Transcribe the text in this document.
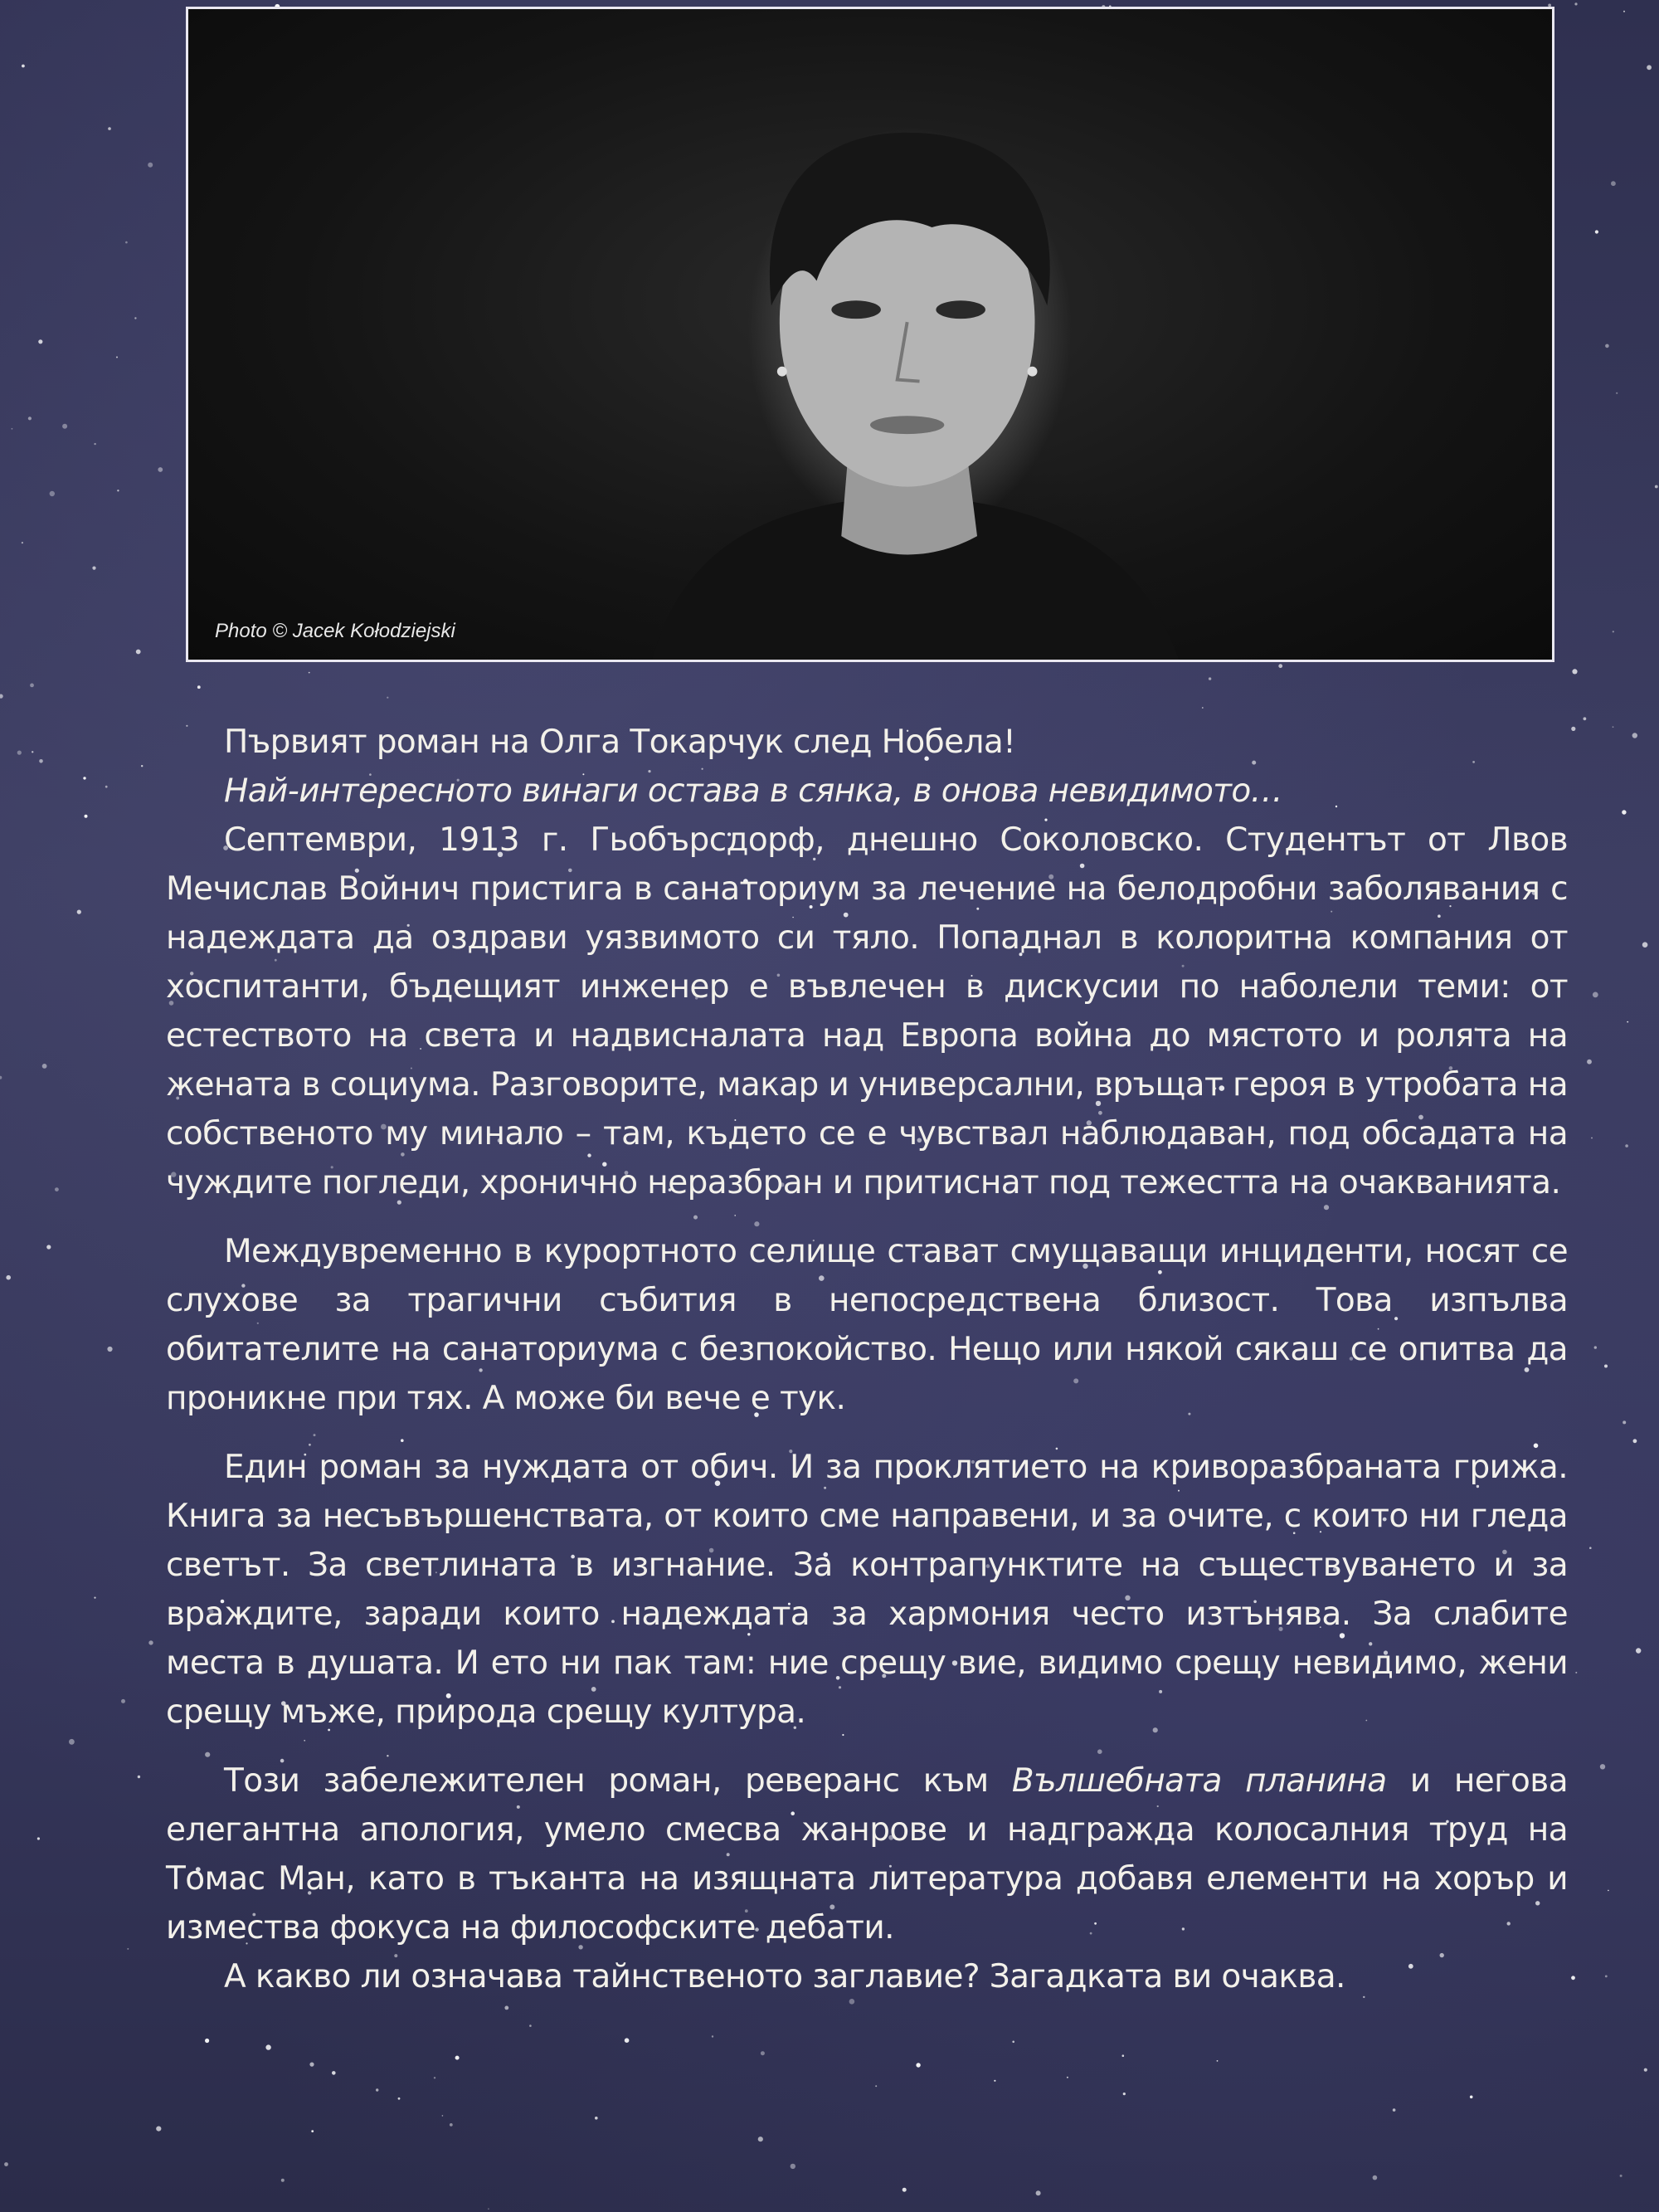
Photo © Jacek Kołodziejski

Първият роман на Олга Токарчук след Нобела!

Най-интересното винаги остава в сянка, в онова невидимото…

Септември, 1913 г. Гьобърсдорф, днешно Соколовско. Студентът от Лвов Мечислав Войнич пристига в санаториум за лечение на белодробни заболявания с надеждата да оздрави уязвимото си тяло. Попаднал в колоритна компания от хоспитанти, бъдещият инженер е въвлечен в дискусии по наболели теми: от естеството на света и надвисналата над Европа война до мястото и ролята на жената в социума. Разговорите, макар и универсални, връщат героя в утробата на собственото му минало – там, където се е чувствал наблюдаван, под обсадата на чуждите погледи, хронично неразбран и притиснат под тежестта на очакванията.

Междувременно в курортното селище стават смущаващи инциденти, носят се слухове за трагични събития в непосредствена близост. Това изпълва обитателите на санаториума с безпокойство. Нещо или някой сякаш се опитва да проникне при тях. А може би вече е тук.

Един роман за нуждата от обич. И за проклятието на криворазбраната грижа. Книга за несъвършенствата, от които сме направени, и за очите, с които ни гледа светът. За светлината в изгнание. За контрапунктите на съществуването и за враждите, заради които надеждата за хармония често изтънява. За слабите места в душата. И ето ни пак там: ние срещу вие, видимо срещу невидимо, жени срещу мъже, природа срещу култура.

Този забележителен роман, реверанс към Вълшебната планина и негова елегантна апология, умело смесва жанрове и надгражда колосалния труд на Томас Ман, като в тъканта на изящната литература добавя елементи на хорър и измества фокуса на философските дебати.

А какво ли означава тайнственото заглавие? Загадката ви очаква.
